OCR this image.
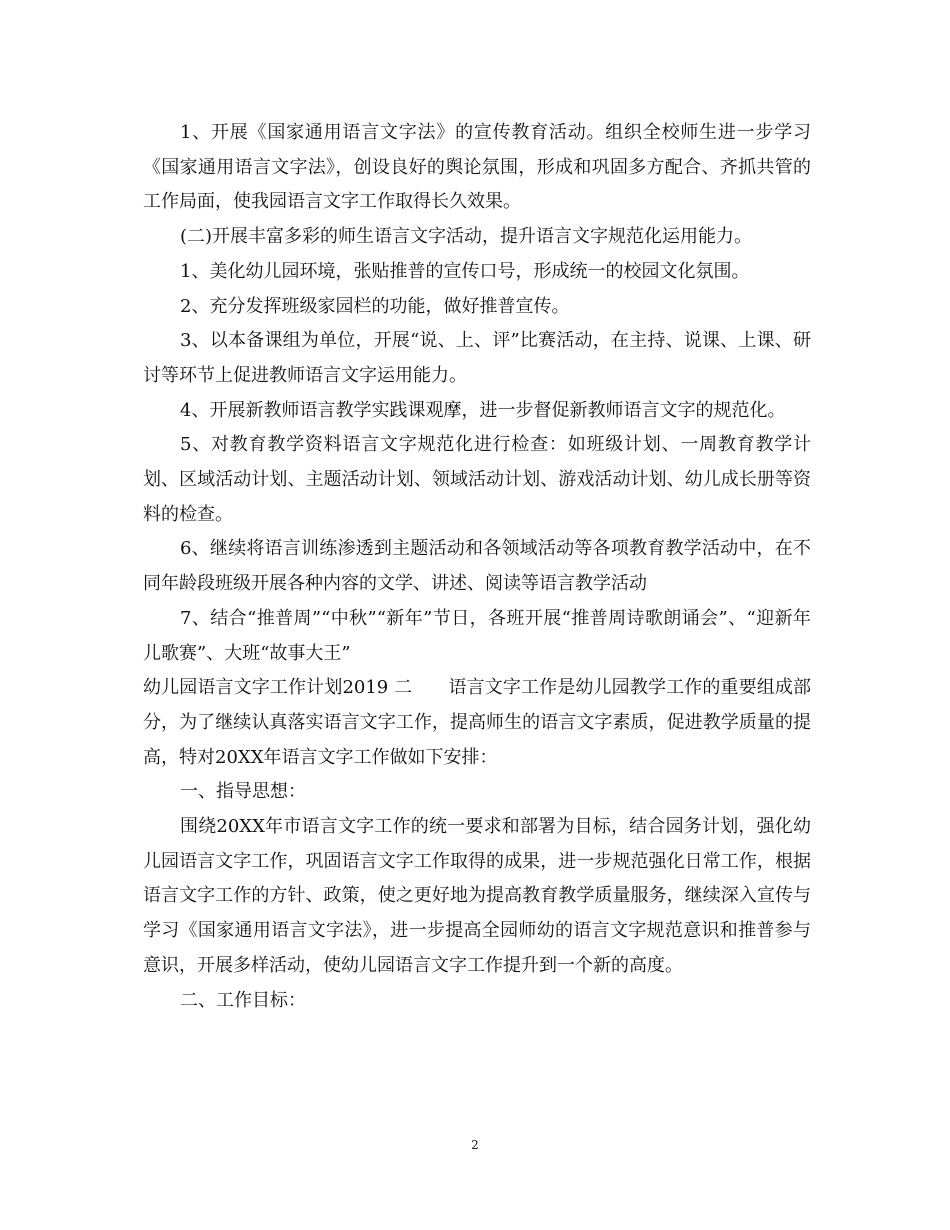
1、开展《国家通用语言文字法》的宣传教育活动。组织全校师生进一步学习《国家通用语言文字法》，创设良好的舆论氛围，形成和巩固多方配合、齐抓共管的工作局面，使我园语言文字工作取得长久效果。

(二)开展丰富多彩的师生语言文字活动，提升语言文字规范化运用能力。

1、美化幼儿园环境，张贴推普的宣传口号，形成统一的校园文化氛围。

2、充分发挥班级家园栏的功能，做好推普宣传。

3、以本备课组为单位，开展“说、上、评”比赛活动，在主持、说课、上课、研讨等环节上促进教师语言文字运用能力。

4、开展新教师语言教学实践课观摩，进一步督促新教师语言文字的规范化。

5、对教育教学资料语言文字规范化进行检查：如班级计划、一周教育教学计划、区域活动计划、主题活动计划、领域活动计划、游戏活动计划、幼儿成长册等资料的检查。

6、继续将语言训练渗透到主题活动和各领域活动等各项教育教学活动中，在不同年龄段班级开展各种内容的文学、讲述、阅读等语言教学活动

7、结合“推普周”“中秋”“新年”节日，各班开展“推普周诗歌朗诵会”、“迎新年儿歌赛”、大班“故事大王”

幼儿园语言文字工作计划2019 二　　语言文字工作是幼儿园教学工作的重要组成部分，为了继续认真落实语言文字工作，提高师生的语言文字素质，促进教学质量的提高，特对20XX年语言文字工作做如下安排：

一、指导思想：

围绕20XX年市语言文字工作的统一要求和部署为目标，结合园务计划，强化幼儿园语言文字工作，巩固语言文字工作取得的成果，进一步规范强化日常工作，根据语言文字工作的方针、政策，使之更好地为提高教育教学质量服务，继续深入宣传与学习《国家通用语言文字法》，进一步提高全园师幼的语言文字规范意识和推普参与意识，开展多样活动，使幼儿园语言文字工作提升到一个新的高度。

二、工作目标：

2
